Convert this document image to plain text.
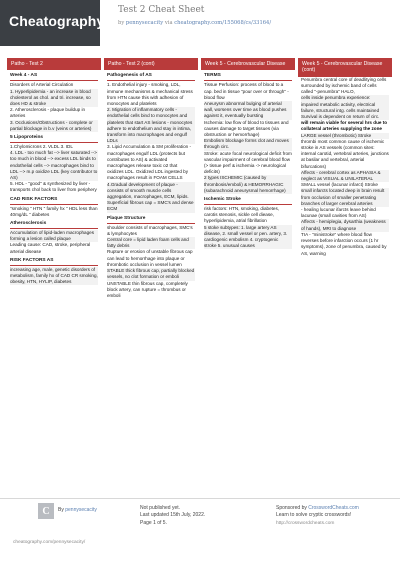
Cheatography
Test 2 Cheat Sheet
by pennysecacity via cheatography.com/155068/cs/33164/
Patho - Test 2
Week 4 - AS
Disorders of Arterial Circulation
1. Hyperlipidemia - an increase in blood cholesterol as chol. and tri. increase, so does HD & stroke
2. Atherosclerosis - plaque buildup in arteries
3. Occlusions/Obstructions - complete or partial blockage in b.v (veins or arteries)
5 Lipoproteins
1.Chylomicrons 2. VLDL 3. IDL
4. LDL - too much fat --> liver saturated --> too much in blood --> excess LDL binds to endothelial cells --> macrophages bind to LDL --> m.p oxidize LDL (key contributor to AS)
5. HDL - "good" & synthesized by liver - transports chol back to liver from periphery
CAD RISK FACTORS
"smoking " HTN " family hx " HDL less than 40mg/dL " diabetes
Atherosclerosis
Accumulation of lipid-laden macrophages forming a lesion called plaque
Leading cause: CAD, stroke, peripheral arterial disease
RISK FACTORS AS
increasing age, male, genetic disorders of metabolism, family hx of CAD CR smoking, obesity, HTN, HYLIP, diabetes
Patho - Test 2 (cont)
Pathogenesis of AS
1. Endothelial injury - smoking, LDL, immune mechanisms & mechanical stress from HTN cause this with adhesion of monocytes and platelets
2. Migration of inflammatory cells - endothelial cells bind to monocytes and platelets that start AS lesions - monocytes adhere to endothelium and stay in intima, transform into macrophages and engulf LDLs
3. Lipid Accumulation & SM proliferation - macrophages engulf LDL (protects but contributes to AS) & activated macrophages release toxic o2 that oxidizes LDL. Oxidized LDL ingested by macrophages result in FOAM CELLS
4.Gradual development of plaque - consists of smooth muscle cells aggregation, macrophages, ECM, lipids. Superficial fibrous cap = SMC's and dense ECM
Plaque Structure
shoulder consists of macrophages, SMC's & lymphocytes
Central core = lipid laden foam cells and fatty debris
Rupture or erosion of unstable fibrous cap can lead to hemorrhage into plaque or thrombotic occlusion in vessel lumen
STABLE thick fibrous cap, partially blocked vessels, no clot formation or emboli
UNSTABLE thin fibrous cap, completely block artery, can rupture = thrombus or emboli
Week 5 - Cerebrovascular Disease
TERMS
Tissue Perfusion: process of blood to a cap. bed in tissue "pour over or through" - blood flow
Aneurysm abnormal bulging of arterial wall, worsens over time as blood pushes against it, eventually bursting
Ischemia: low flow of blood to tissues and causes damage to target tissues (via obstruction or hemorrhage)
Embolism blockage forms clot and moves through circ.
Stroke: acute focal neurological deficit from vascular impairment of cerebral blood flow (> tissue perf & ischemia -> neurological deficits)
2 types ISCHEMIC (caused by thrombosis/emboli) & HEMORRHAGIC (subarachnoid aneurysmal hemorrhage)
Ischemic Stroke
risk factors: HTN, smoking, diabetes, carotis stenosis, sickle cell diease, hyperlipidemia, atrial fibrillation
5 stoke subtypes: 1. large artery AS disease, 2. small vessel or pen. artery, 3. cardiogenic embolism 4. cryptogenic stroke 5. unusual causes
Week 5 - Cerebrovascular Disease (cont)
Penumbra central core of deadlitying cells surrounded by ischemic band of cells called "-penumbra" HALO,
cells inside penumbra experience: impaired metabolic activity, electrical failure, structural intg. cells maintained Survival is dependent on return of circ.
will remain viable for several hrs due to collateral arteries supplying the zone
LARGE vessel (thrombotic) Stroke
thrombi most common cause of ischemic stroke in AS vessels (common sites: internal carotid, vertebral arteries, junctions at basilar and vertebral, arterial bifurcations)
Affects - cerebral cortex as APHASIA & neglect as VISUAL & UNILATERAL
SMALL vessel (lacunar infarct) Stroke
small infarcts located deep in brain result from occlusion of smaller penetrating branches of larger cerebral arteries
- healing lucunar ifarcts leave behind lacunae (small cavities from AS)
Affects - hemiplegia, dysarthia (weakness of hands), MRI to diagnose
TIA - "ministroke" where blood flow reverses before infarction occurs (1 hr symptoms), zone of penumbra, caused by AS, warning
C By pennysecacity
cheatography.com/pennysecacity/
Not published yet.
Last updated 15th July, 2022.
Page 1 of 5.
Sponsored by CrosswordCheats.com
Learn to solve cryptic crosswords!
http://crosswordcheats.com
